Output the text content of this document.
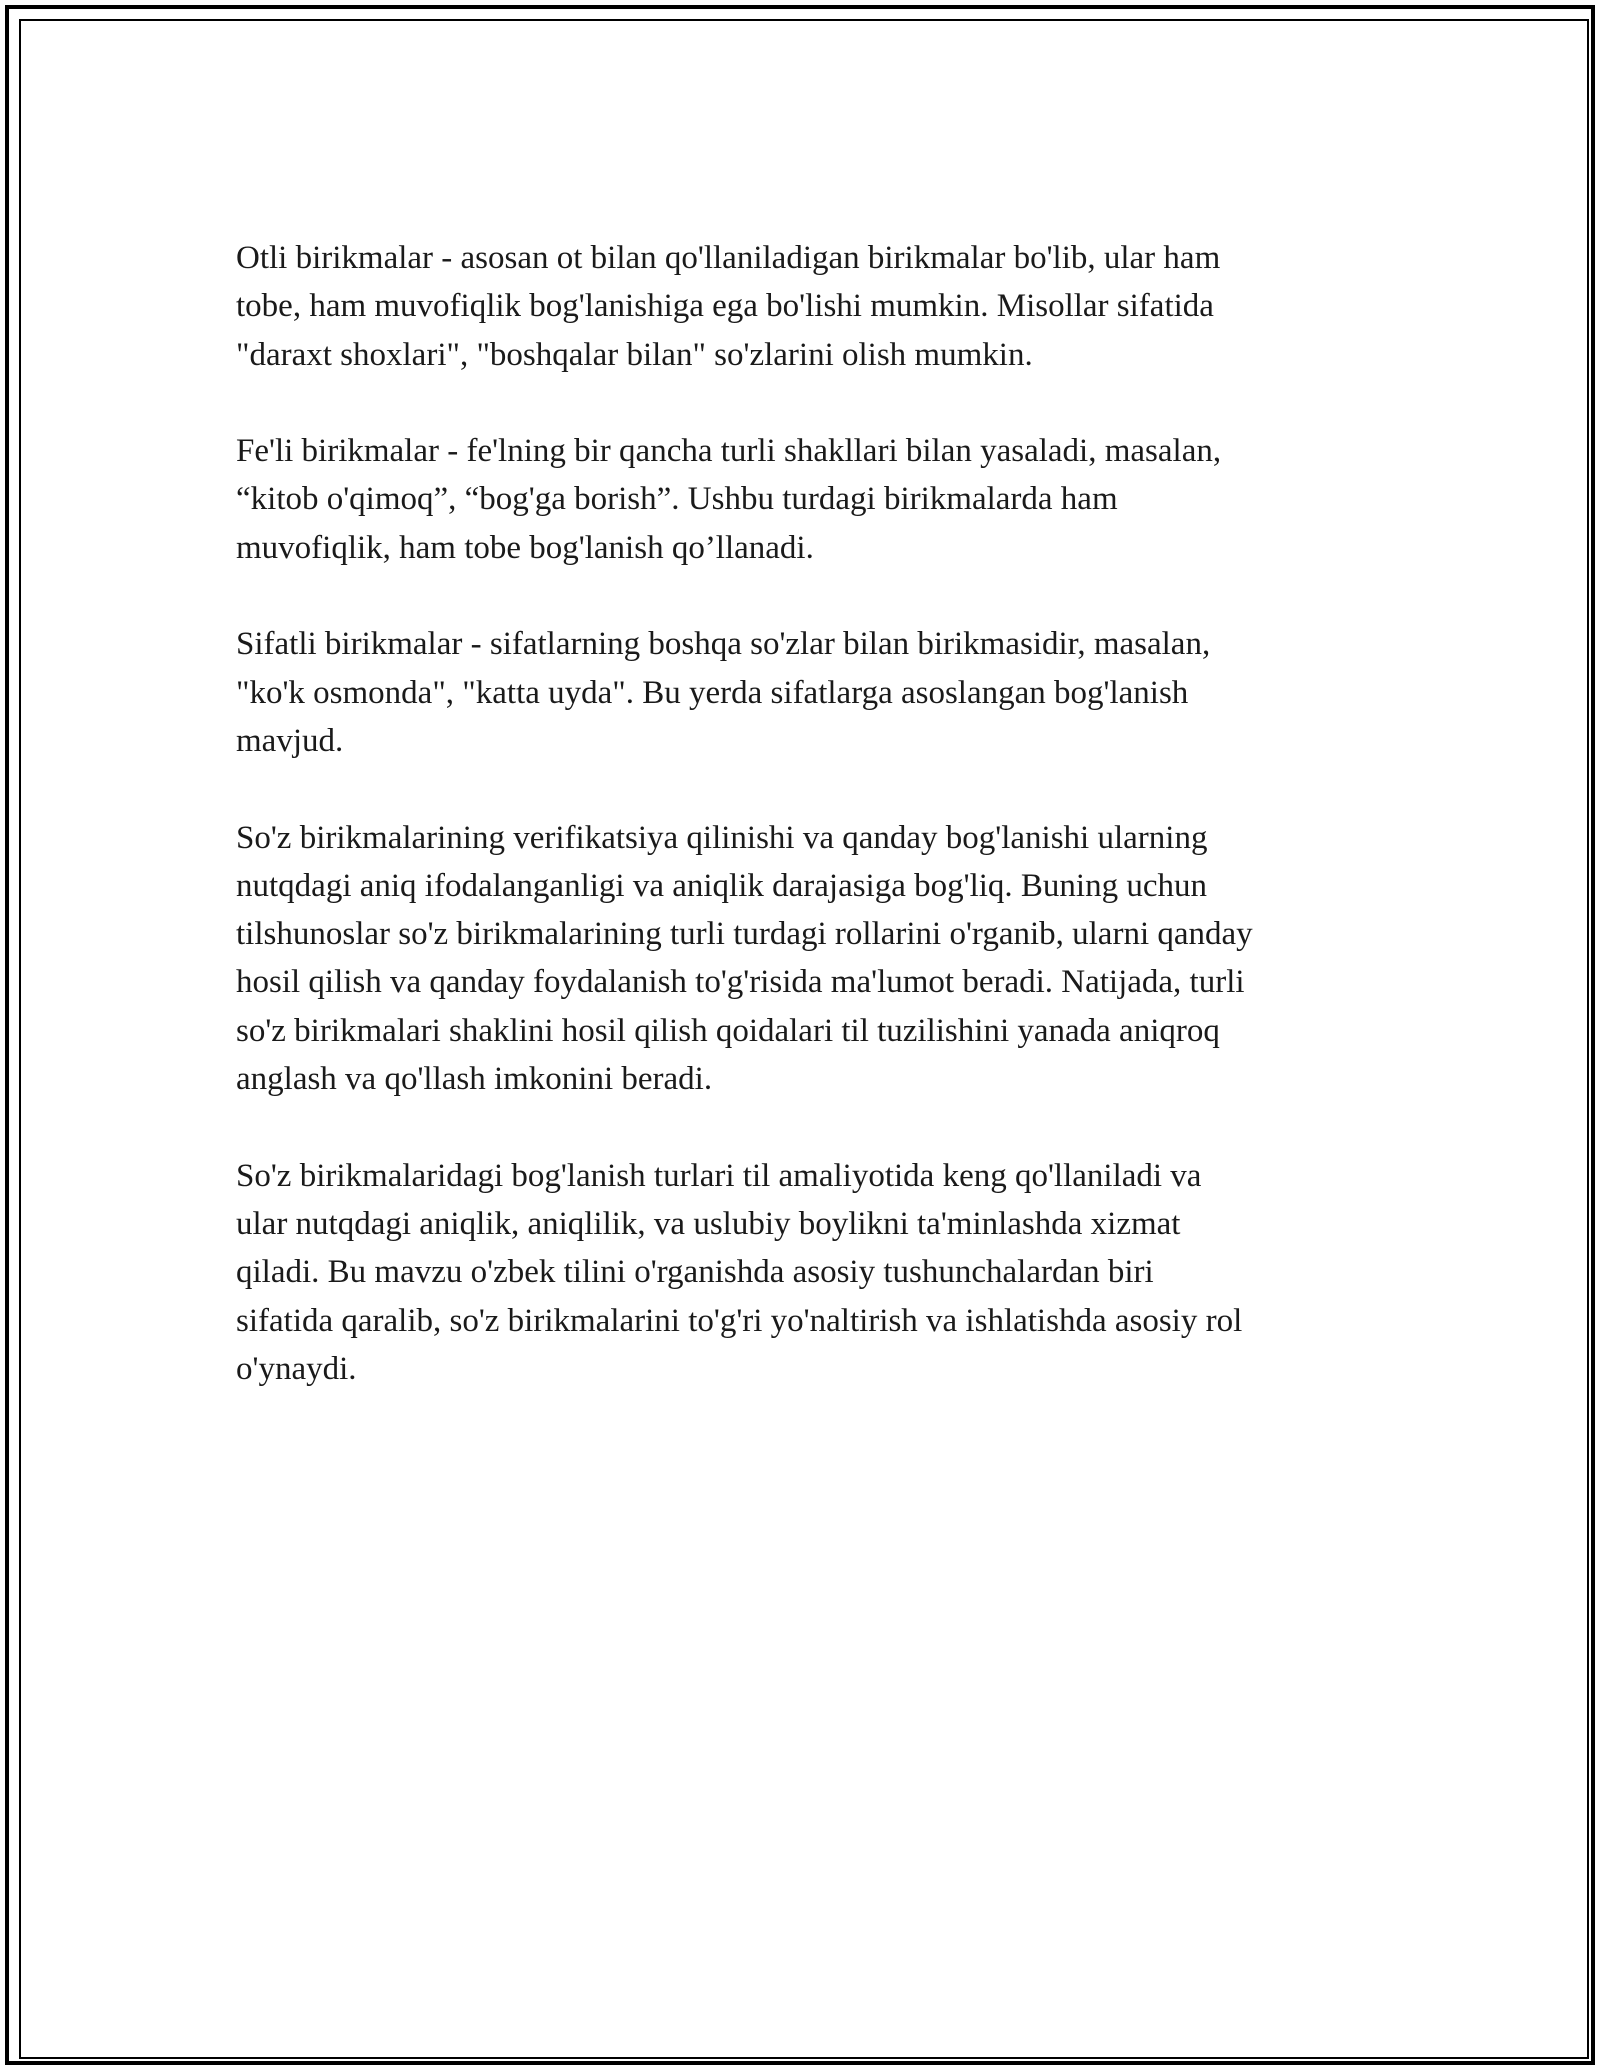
Otli birikmalar - asosan ot bilan qo'llaniladigan birikmalar bo'lib, ular ham
tobe, ham muvofiqlik bog'lanishiga ega bo'lishi mumkin. Misollar sifatida
"daraxt shoxlari", "boshqalar bilan" so'zlarini olish mumkin.

Fe'li birikmalar - fe'lning bir qancha turli shakllari bilan yasaladi, masalan,
“kitob o'qimoq”, “bog'ga borish”. Ushbu turdagi birikmalarda ham
muvofiqlik, ham tobe bog'lanish qo’llanadi.

Sifatli birikmalar - sifatlarning boshqa so'zlar bilan birikmasidir, masalan,
"ko'k osmonda", "katta uyda". Bu yerda sifatlarga asoslangan bog'lanish
mavjud.

So'z birikmalarining verifikatsiya qilinishi va qanday bog'lanishi ularning
nutqdagi aniq ifodalanganligi va aniqlik darajasiga bog'liq. Buning uchun
tilshunoslar so'z birikmalarining turli turdagi rollarini o'rganib, ularni qanday
hosil qilish va qanday foydalanish to'g'risida ma'lumot beradi. Natijada, turli
so'z birikmalari shaklini hosil qilish qoidalari til tuzilishini yanada aniqroq
anglash va qo'llash imkonini beradi.

So'z birikmalaridagi bog'lanish turlari til amaliyotida keng qo'llaniladi va
ular nutqdagi aniqlik, aniqlilik, va uslubiy boylikni ta'minlashda xizmat
qiladi. Bu mavzu o'zbek tilini o'rganishda asosiy tushunchalardan biri
sifatida qaralib, so'z birikmalarini to'g'ri yo'naltirish va ishlatishda asosiy rol
o'ynaydi.
